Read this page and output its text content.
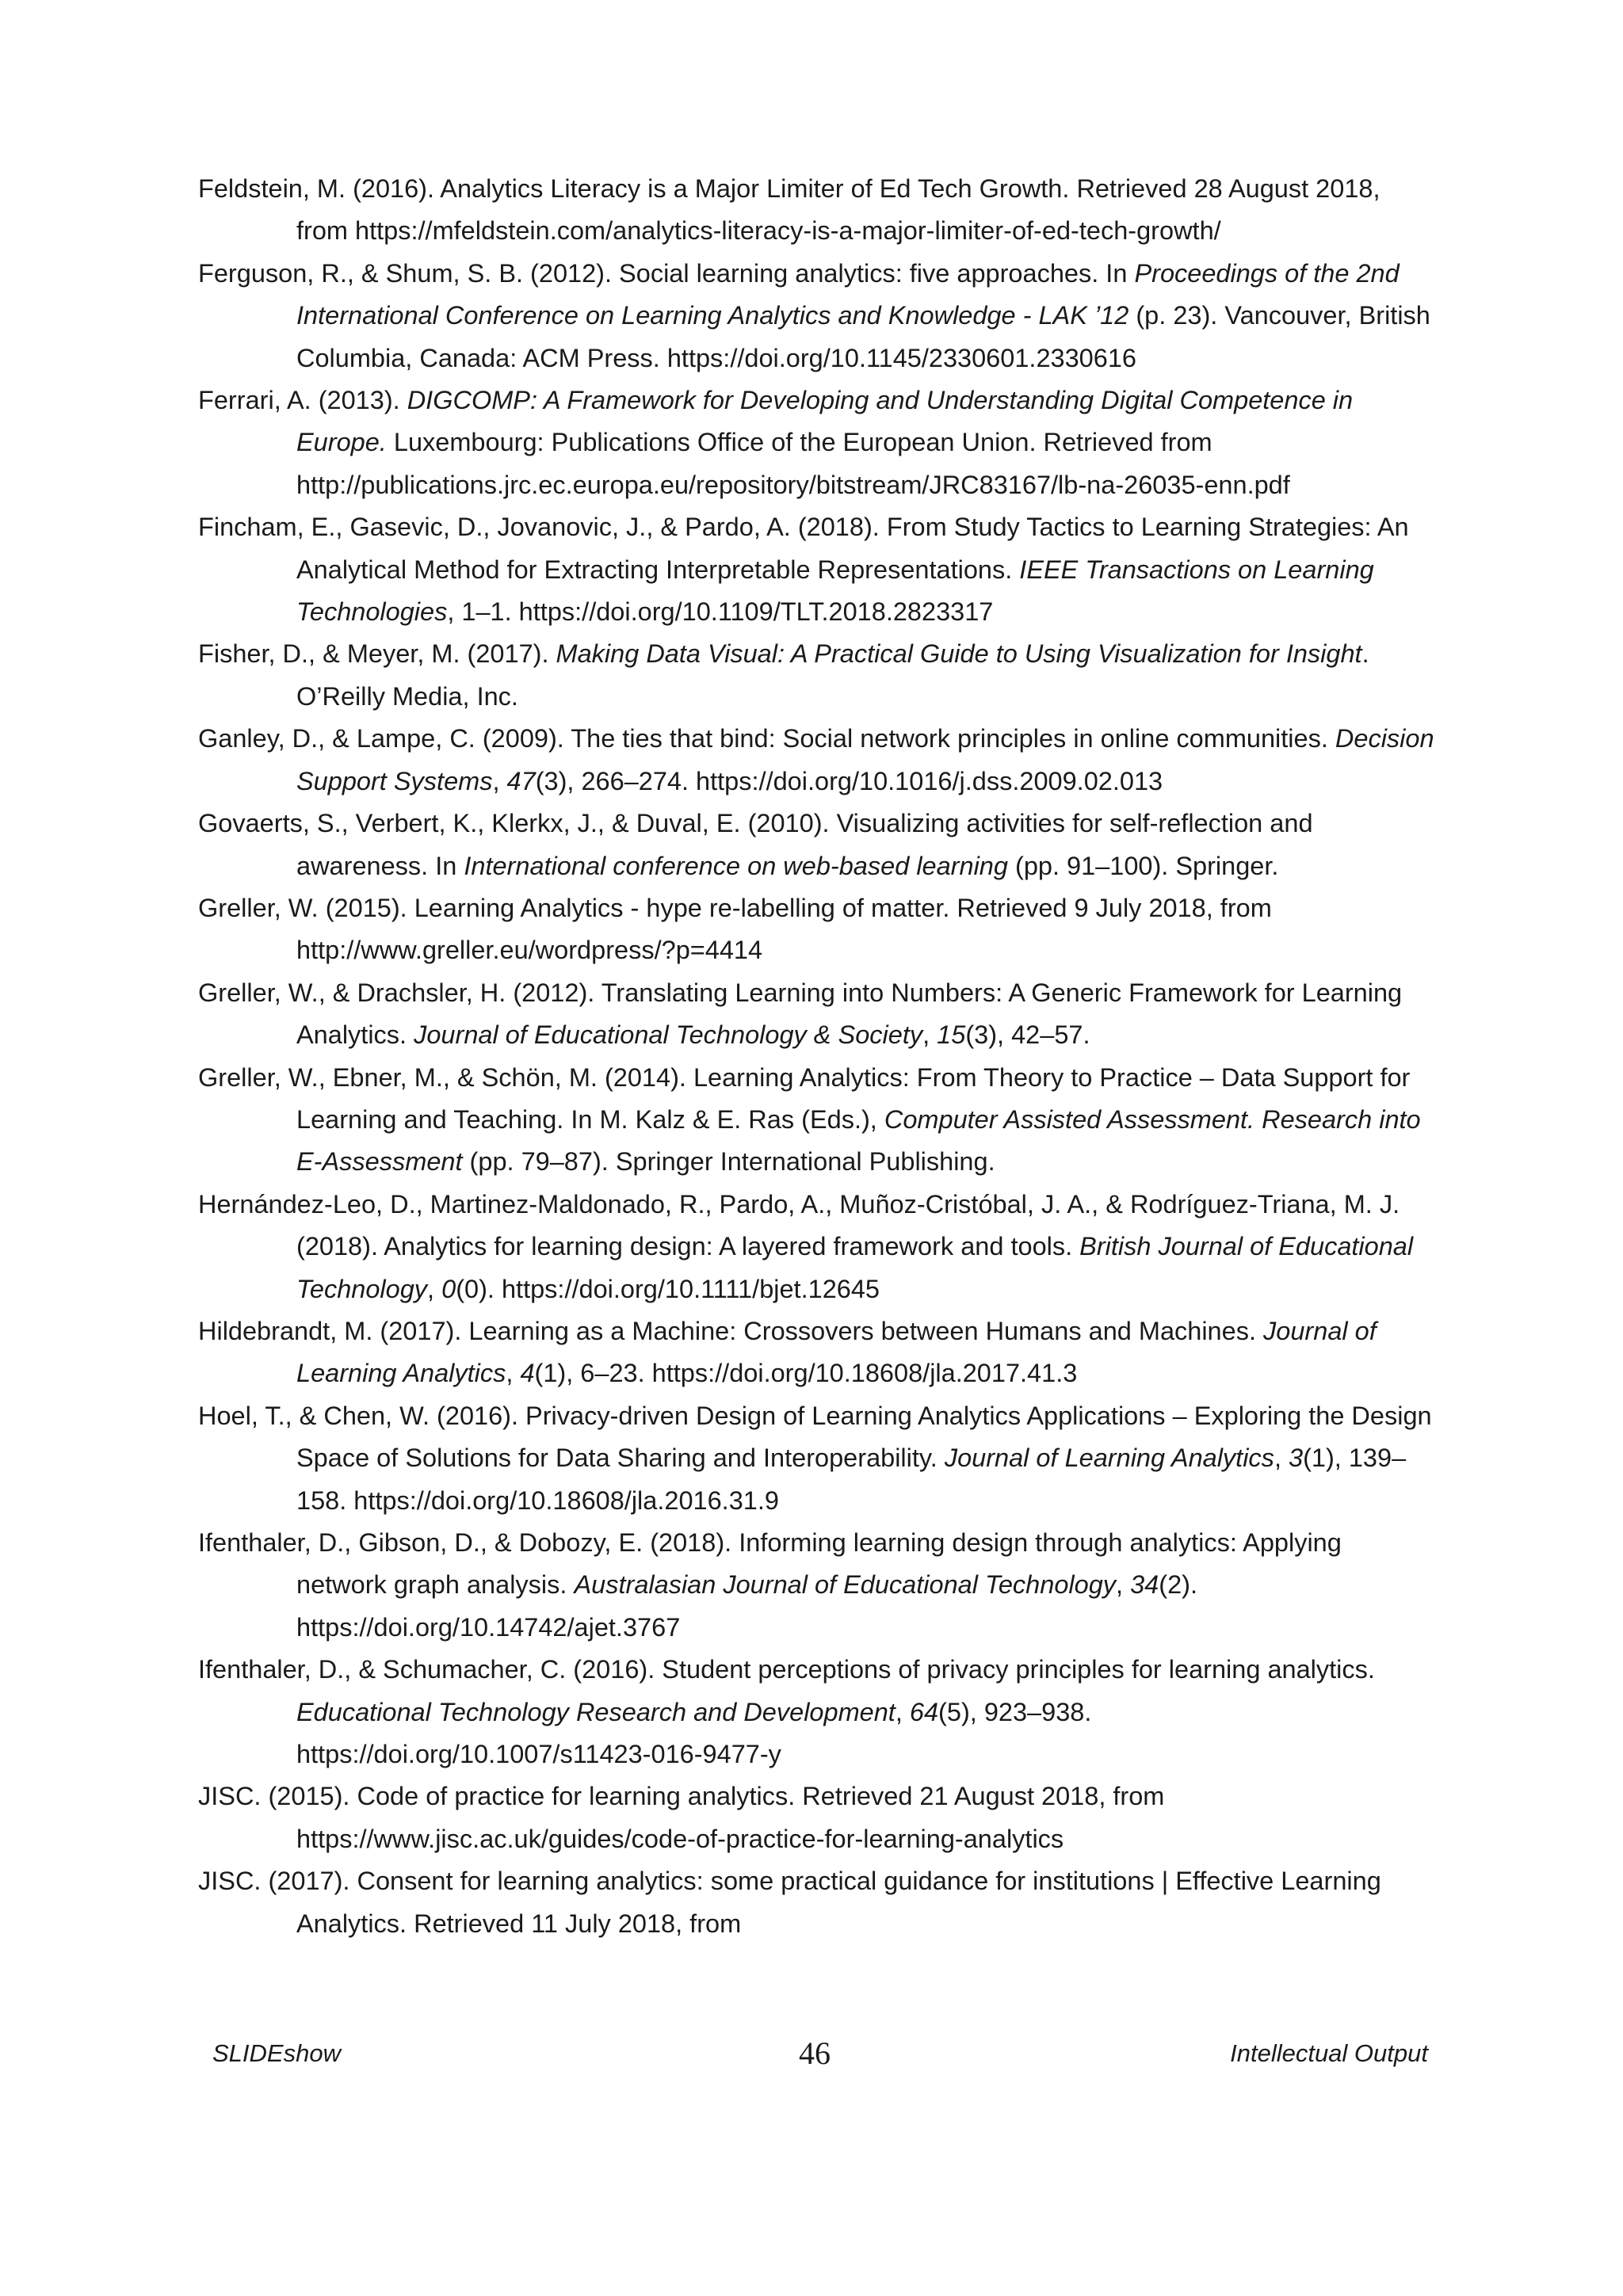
Feldstein, M. (2016). Analytics Literacy is a Major Limiter of Ed Tech Growth. Retrieved 28 August 2018, from https://mfeldstein.com/analytics-literacy-is-a-major-limiter-of-ed-tech-growth/

Ferguson, R., & Shum, S. B. (2012). Social learning analytics: five approaches. In Proceedings of the 2nd International Conference on Learning Analytics and Knowledge - LAK ’12 (p. 23). Vancouver, British Columbia, Canada: ACM Press. https://doi.org/10.1145/2330601.2330616

Ferrari, A. (2013). DIGCOMP: A Framework for Developing and Understanding Digital Competence in Europe. Luxembourg: Publications Office of the European Union. Retrieved from http://publications.jrc.ec.europa.eu/repository/bitstream/JRC83167/lb-na-26035-enn.pdf

Fincham, E., Gasevic, D., Jovanovic, J., & Pardo, A. (2018). From Study Tactics to Learning Strategies: An Analytical Method for Extracting Interpretable Representations. IEEE Transactions on Learning Technologies, 1–1. https://doi.org/10.1109/TLT.2018.2823317

Fisher, D., & Meyer, M. (2017). Making Data Visual: A Practical Guide to Using Visualization for Insight. O’Reilly Media, Inc.

Ganley, D., & Lampe, C. (2009). The ties that bind: Social network principles in online communities. Decision Support Systems, 47(3), 266–274. https://doi.org/10.1016/j.dss.2009.02.013

Govaerts, S., Verbert, K., Klerkx, J., & Duval, E. (2010). Visualizing activities for self-reflection and awareness. In International conference on web-based learning (pp. 91–100). Springer.

Greller, W. (2015). Learning Analytics - hype re-labelling of matter. Retrieved 9 July 2018, from http://www.greller.eu/wordpress/?p=4414

Greller, W., & Drachsler, H. (2012). Translating Learning into Numbers: A Generic Framework for Learning Analytics. Journal of Educational Technology & Society, 15(3), 42–57.

Greller, W., Ebner, M., & Schön, M. (2014). Learning Analytics: From Theory to Practice – Data Support for Learning and Teaching. In M. Kalz & E. Ras (Eds.), Computer Assisted Assessment. Research into E-Assessment (pp. 79–87). Springer International Publishing.

Hernández-Leo, D., Martinez-Maldonado, R., Pardo, A., Muñoz-Cristóbal, J. A., & Rodríguez-Triana, M. J. (2018). Analytics for learning design: A layered framework and tools. British Journal of Educational Technology, 0(0). https://doi.org/10.1111/bjet.12645

Hildebrandt, M. (2017). Learning as a Machine: Crossovers between Humans and Machines. Journal of Learning Analytics, 4(1), 6–23. https://doi.org/10.18608/jla.2017.41.3

Hoel, T., & Chen, W. (2016). Privacy-driven Design of Learning Analytics Applications – Exploring the Design Space of Solutions for Data Sharing and Interoperability. Journal of Learning Analytics, 3(1), 139–158. https://doi.org/10.18608/jla.2016.31.9

Ifenthaler, D., Gibson, D., & Dobozy, E. (2018). Informing learning design through analytics: Applying network graph analysis. Australasian Journal of Educational Technology, 34(2). https://doi.org/10.14742/ajet.3767

Ifenthaler, D., & Schumacher, C. (2016). Student perceptions of privacy principles for learning analytics. Educational Technology Research and Development, 64(5), 923–938. https://doi.org/10.1007/s11423-016-9477-y

JISC. (2015). Code of practice for learning analytics. Retrieved 21 August 2018, from https://www.jisc.ac.uk/guides/code-of-practice-for-learning-analytics

JISC. (2017). Consent for learning analytics: some practical guidance for institutions | Effective Learning Analytics. Retrieved 11 July 2018, from

SLIDEshow	46	Intellectual Output
